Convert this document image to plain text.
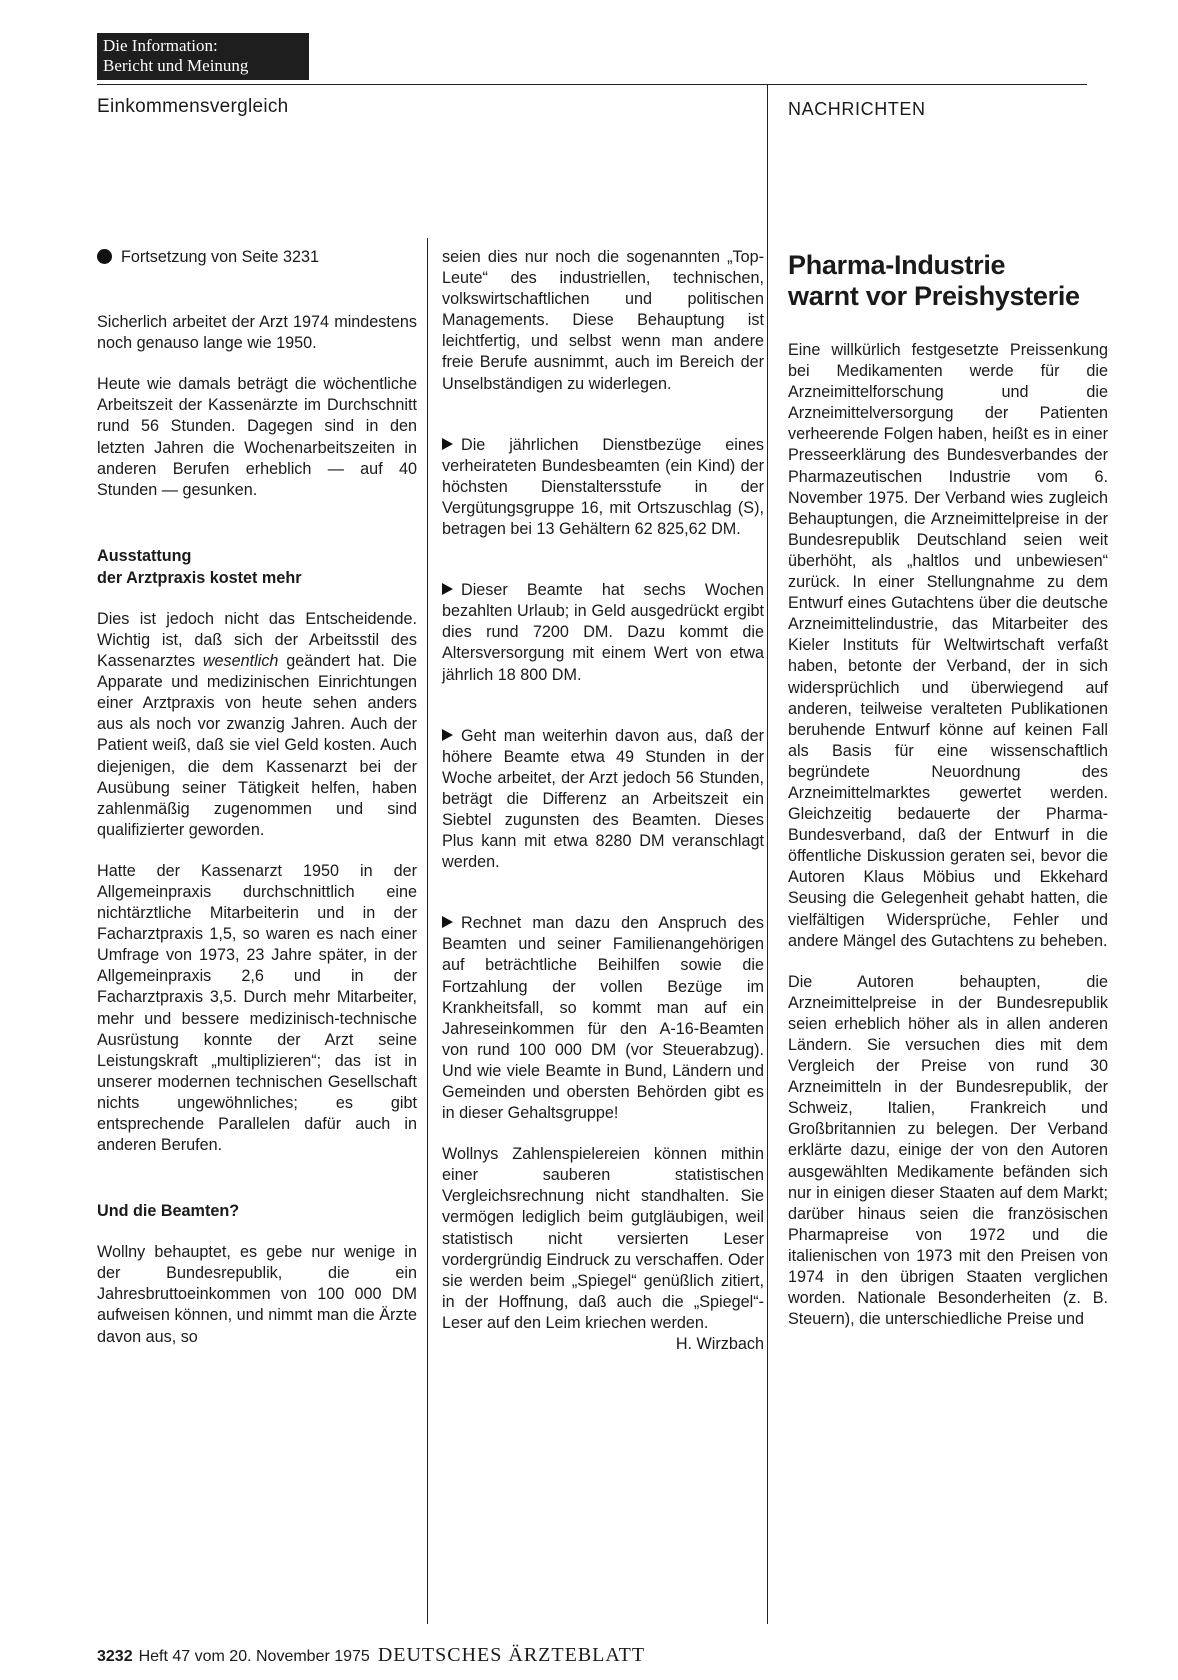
Die Information:
Bericht und Meinung
Einkommensvergleich	NACHRICHTEN

Fortsetzung von Seite 3231

Sicherlich arbeitet der Arzt 1974 mindestens noch genauso lange wie 1950.

Heute wie damals beträgt die wöchentliche Arbeitszeit der Kassenärzte im Durchschnitt rund 56 Stunden. Dagegen sind in den letzten Jahren die Wochenarbeitszeiten in anderen Berufen erheblich — auf 40 Stunden — gesunken.

Ausstattung
der Arztpraxis kostet mehr

Dies ist jedoch nicht das Entscheidende. Wichtig ist, daß sich der Arbeitsstil des Kassenarztes wesentlich geändert hat. Die Apparate und medizinischen Einrichtungen einer Arztpraxis von heute sehen anders aus als noch vor zwanzig Jahren. Auch der Patient weiß, daß sie viel Geld kosten. Auch diejenigen, die dem Kassenarzt bei der Ausübung seiner Tätigkeit helfen, haben zahlenmäßig zugenommen und sind qualifizierter geworden.

Hatte der Kassenarzt 1950 in der Allgemeinpraxis durchschnittlich eine nichtärztliche Mitarbeiterin und in der Facharztpraxis 1,5, so waren es nach einer Umfrage von 1973, 23 Jahre später, in der Allgemeinpraxis 2,6 und in der Facharztpraxis 3,5. Durch mehr Mitarbeiter, mehr und bessere medizinisch-technische Ausrüstung konnte der Arzt seine Leistungskraft „multiplizieren“; das ist in unserer modernen technischen Gesellschaft nichts ungewöhnliches; es gibt entsprechende Parallelen dafür auch in anderen Berufen.

Und die Beamten?

Wollny behauptet, es gebe nur wenige in der Bundesrepublik, die ein Jahresbruttoeinkommen von 100 000 DM aufweisen können, und nimmt man die Ärzte davon aus, so

seien dies nur noch die sogenannten „Top-Leute“ des industriellen, technischen, volkswirtschaftlichen und politischen Managements. Diese Behauptung ist leichtfertig, und selbst wenn man andere freie Berufe ausnimmt, auch im Bereich der Unselbständigen zu widerlegen.

Die jährlichen Dienstbezüge eines verheirateten Bundesbeamten (ein Kind) der höchsten Dienstaltersstufe in der Vergütungsgruppe 16, mit Ortszuschlag (S), betragen bei 13 Gehältern 62 825,62 DM.

Dieser Beamte hat sechs Wochen bezahlten Urlaub; in Geld ausgedrückt ergibt dies rund 7200 DM. Dazu kommt die Altersversorgung mit einem Wert von etwa jährlich 18 800 DM.

Geht man weiterhin davon aus, daß der höhere Beamte etwa 49 Stunden in der Woche arbeitet, der Arzt jedoch 56 Stunden, beträgt die Differenz an Arbeitszeit ein Siebtel zugunsten des Beamten. Dieses Plus kann mit etwa 8280 DM veranschlagt werden.

Rechnet man dazu den Anspruch des Beamten und seiner Familienangehörigen auf beträchtliche Beihilfen sowie die Fortzahlung der vollen Bezüge im Krankheitsfall, so kommt man auf ein Jahreseinkommen für den A-16-Beamten von rund 100 000 DM (vor Steuerabzug). Und wie viele Beamte in Bund, Ländern und Gemeinden und obersten Behörden gibt es in dieser Gehaltsgruppe!

Wollnys Zahlenspielereien können mithin einer sauberen statistischen Vergleichsrechnung nicht standhalten. Sie vermögen lediglich beim gutgläubigen, weil statistisch nicht versierten Leser vordergründig Eindruck zu verschaffen. Oder sie werden beim „Spiegel“ genüßlich zitiert, in der Hoffnung, daß auch die „Spiegel“-Leser auf den Leim kriechen werden.
H. Wirzbach

Pharma-Industrie
warnt vor Preishysterie

Eine willkürlich festgesetzte Preissenkung bei Medikamenten werde für die Arzneimittelforschung und die Arzneimittelversorgung der Patienten verheerende Folgen haben, heißt es in einer Presseerklärung des Bundesverbandes der Pharmazeutischen Industrie vom 6. November 1975. Der Verband wies zugleich Behauptungen, die Arzneimittelpreise in der Bundesrepublik Deutschland seien weit überhöht, als „haltlos und unbewiesen“ zurück. In einer Stellungnahme zu dem Entwurf eines Gutachtens über die deutsche Arzneimittelindustrie, das Mitarbeiter des Kieler Instituts für Weltwirtschaft verfaßt haben, betonte der Verband, der in sich widersprüchlich und überwiegend auf anderen, teilweise veralteten Publikationen beruhende Entwurf könne auf keinen Fall als Basis für eine wissenschaftlich begründete Neuordnung des Arzneimittelmarktes gewertet werden. Gleichzeitig bedauerte der Pharma-Bundesverband, daß der Entwurf in die öffentliche Diskussion geraten sei, bevor die Autoren Klaus Möbius und Ekkehard Seusing die Gelegenheit gehabt hatten, die vielfältigen Widersprüche, Fehler und andere Mängel des Gutachtens zu beheben.

Die Autoren behaupten, die Arzneimittelpreise in der Bundesrepublik seien erheblich höher als in allen anderen Ländern. Sie versuchen dies mit dem Vergleich der Preise von rund 30 Arzneimitteln in der Bundesrepublik, der Schweiz, Italien, Frankreich und Großbritannien zu belegen. Der Verband erklärte dazu, einige der von den Autoren ausgewählten Medikamente befänden sich nur in einigen dieser Staaten auf dem Markt; darüber hinaus seien die französischen Pharmapreise von 1972 und die italienischen von 1973 mit den Preisen von 1974 in den übrigen Staaten verglichen worden. Nationale Besonderheiten (z. B. Steuern), die unterschiedliche Preise und

3232 Heft 47 vom 20. November 1975 DEUTSCHES ÄRZTEBLATT
